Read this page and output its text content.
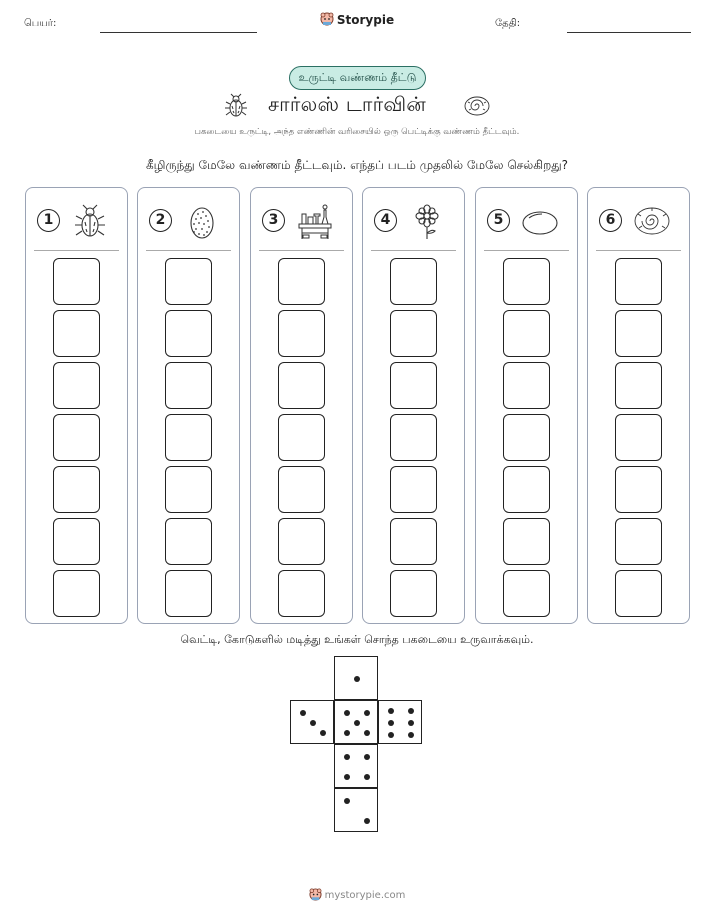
பெயர்:	Storypie	தேதி:
உருட்டி வண்ணம் தீட்டு
சார்லஸ் டார்வின்
பகடையை உருட்டி, அந்த எண்ணின் வரிசையில் ஒரு பெட்டிக்கு வண்ணம் தீட்டவும்.
கீழிருந்து மேலே வண்ணம் தீட்டவும். எந்தப் படம் முதலில் மேலே செல்கிறது?
1	2	3	4	5	6
வெட்டி, கோடுகளில் மடித்து உங்கள் சொந்த பகடையை உருவாக்கவும்.
mystorypie.com
